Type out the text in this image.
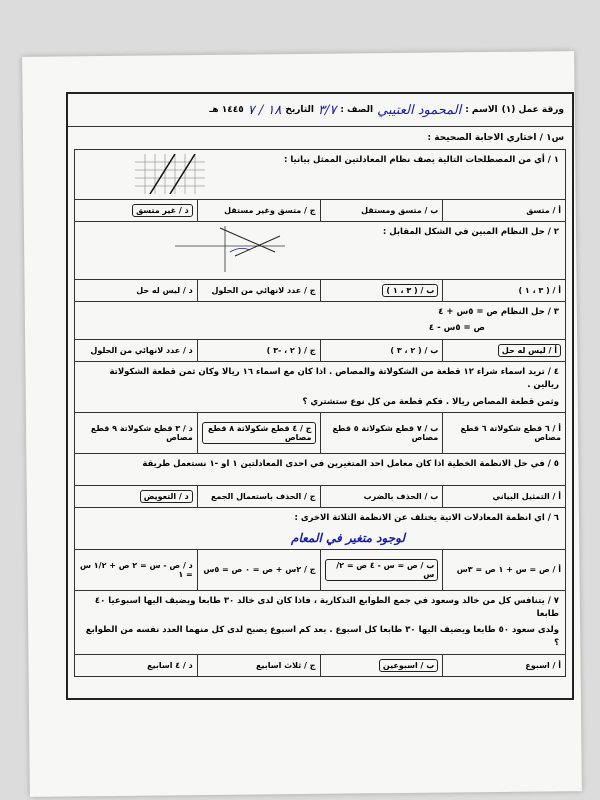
ورقة عمل (١)
الاسم :
المحمود العتيبي
الصف :
٣/٧
التاريخ
١٨ / ٧
١٤٤٥ هـ
س١ / اختاري الاجابة الصحيحة :
١ / أي من المصطلحات التالية يصف نظام المعادلتين الممثل بيانيا :
أ / متسق
ب / متسق ومستقل
ج / متسق وغير مستقل
د / غير متسق
٢ / حل النظام المبين في الشكل المقابل :
أ / ( ٣ ، ١ )
ب / ( ٣ ، ١ )
ج / عدد لانهائي من الحلول
د / ليس له حل
٣ / حل النظام ص = ٥س + ٤
ص = ٥س - ٤
أ / ليس له حل
ب / ( ٢ ، ٣ )
ج / ( ٢ ، -٣ )
د / عدد لانهائي من الحلول
٤ / تريد اسماء شراء ١٢ قطعة من الشكولاتة والمصاص . اذا كان مع اسماء ١٦ ريالا وكان ثمن قطعة الشكولاتة ريالين .
وثمن قطعة المصاص ريالا . فكم قطعة من كل نوع ستشتري ؟
أ / ٦ قطع شكولاتة ٦ قطع مصاص
ب / ٧ قطع شكولاتة ٥ قطع مصاص
ج / ٤ قطع شكولاتة ٨ قطع مصاص
د / ٣ قطع شكولاتة ٩ قطع مصاص
٥ / في حل الانظمة الخطية اذا كان معامل احد المتغيرين في احدى المعادلتين ١ او -١ نستعمل طريقة
أ / التمثيل البياني
ب / الحذف بالضرب
ج / الحذف باستعمال الجمع
د / التعويض
٦ / اي انظمة المعادلات الاتية يختلف عن الانظمة الثلاثة الاخرى :
لوجود متغير في المعام
أ / ص = س + ١ ص = ٣س
ب / ص = س - ٤ ص = ٢/س
ج / ٢س + ص = ٠ ص = ٥س
د / ص - س = ٢ ص + ١/٢ س = ١
٧ / يتنافس كل من خالد وسعود في جمع الطوابع التذكارية ، فاذا كان لدى خالد ٣٠ طابعا ويضيف اليها اسبوعيا ٤٠ طابعا
ولدى سعود ٥٠ طابعا ويضيف اليها ٣٠ طابعا كل اسبوع . بعد كم اسبوع يصبح لدى كل منهما العدد نفسه من الطوابع ؟
أ / اسبوع
ب / اسبوعين
ج / ثلاث اسابيع
د / ٤ اسابيع
